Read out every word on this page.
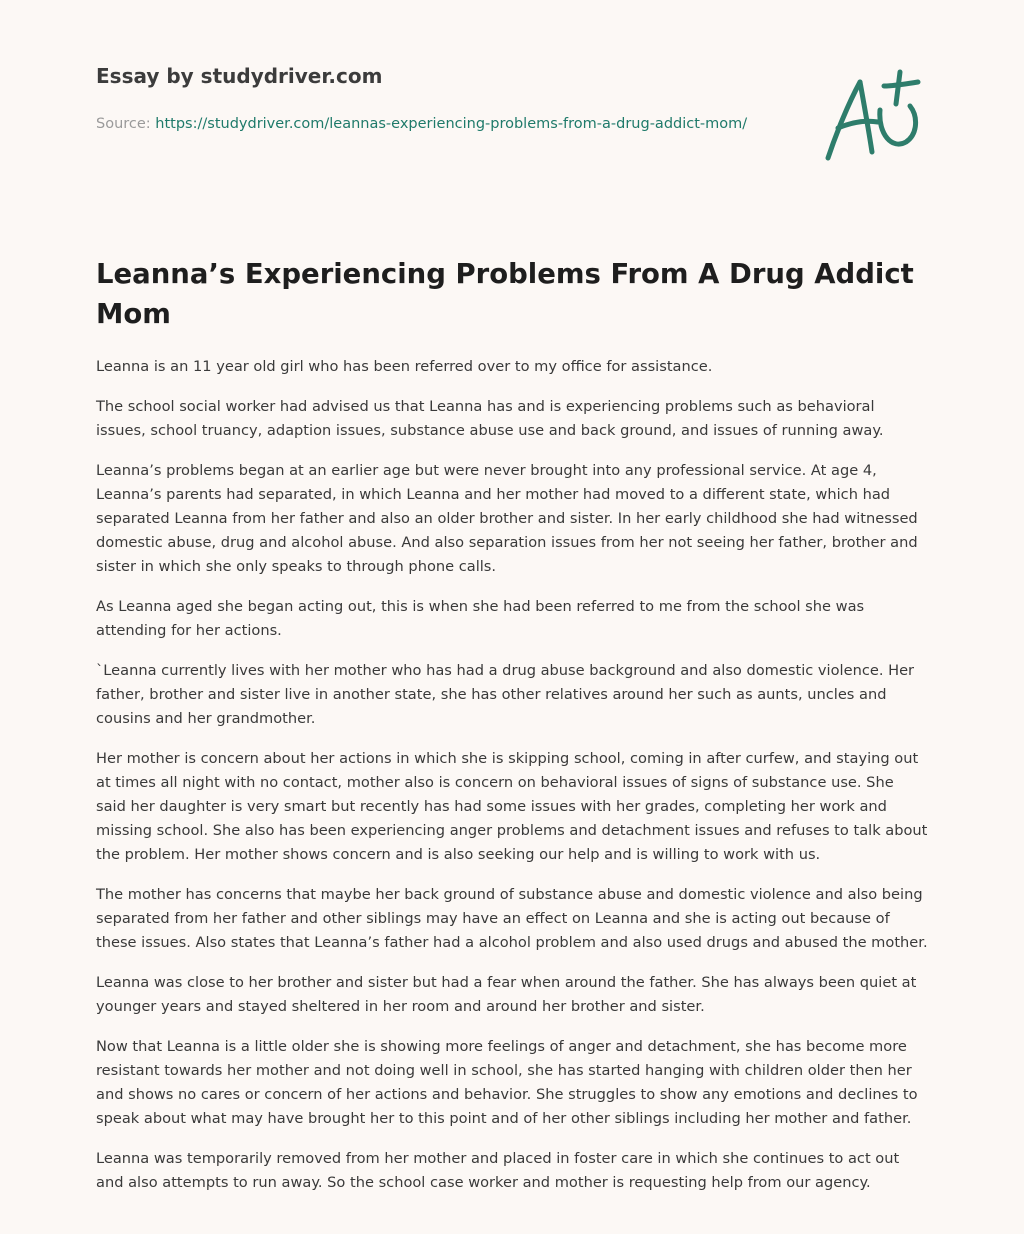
Essay by studydriver.com
Source: https://studydriver.com/leannas-experiencing-problems-from-a-drug-addict-mom/
Leanna’s Experiencing Problems From A Drug Addict Mom

Leanna is an 11 year old girl who has been referred over to my office for assistance.

The school social worker had advised us that Leanna has and is experiencing problems such as behavioral issues, school truancy, adaption issues, substance abuse use and back ground, and issues of running away.

Leanna’s problems began at an earlier age but were never brought into any professional service. At age 4, Leanna’s parents had separated, in which Leanna and her mother had moved to a different state, which had separated Leanna from her father and also an older brother and sister. In her early childhood she had witnessed domestic abuse, drug and alcohol abuse. And also separation issues from her not seeing her father, brother and sister in which she only speaks to through phone calls.

As Leanna aged she began acting out, this is when she had been referred to me from the school she was attending for her actions.

`Leanna currently lives with her mother who has had a drug abuse background and also domestic violence. Her father, brother and sister live in another state, she has other relatives around her such as aunts, uncles and cousins and her grandmother.

Her mother is concern about her actions in which she is skipping school, coming in after curfew, and staying out at times all night with no contact, mother also is concern on behavioral issues of signs of substance use. She said her daughter is very smart but recently has had some issues with her grades, completing her work and missing school. She also has been experiencing anger problems and detachment issues and refuses to talk about the problem. Her mother shows concern and is also seeking our help and is willing to work with us.

The mother has concerns that maybe her back ground of substance abuse and domestic violence and also being separated from her father and other siblings may have an effect on Leanna and she is acting out because of these issues. Also states that Leanna’s father had a alcohol problem and also used drugs and abused the mother.

Leanna was close to her brother and sister but had a fear when around the father. She has always been quiet at younger years and stayed sheltered in her room and around her brother and sister.

Now that Leanna is a little older she is showing more feelings of anger and detachment, she has become more resistant towards her mother and not doing well in school, she has started hanging with children older then her and shows no cares or concern of her actions and behavior. She struggles to show any emotions and declines to speak about what may have brought her to this point and of her other siblings including her mother and father.

Leanna was temporarily removed from her mother and placed in foster care in which she continues to act out and also attempts to run away. So the school case worker and mother is requesting help from our agency.
